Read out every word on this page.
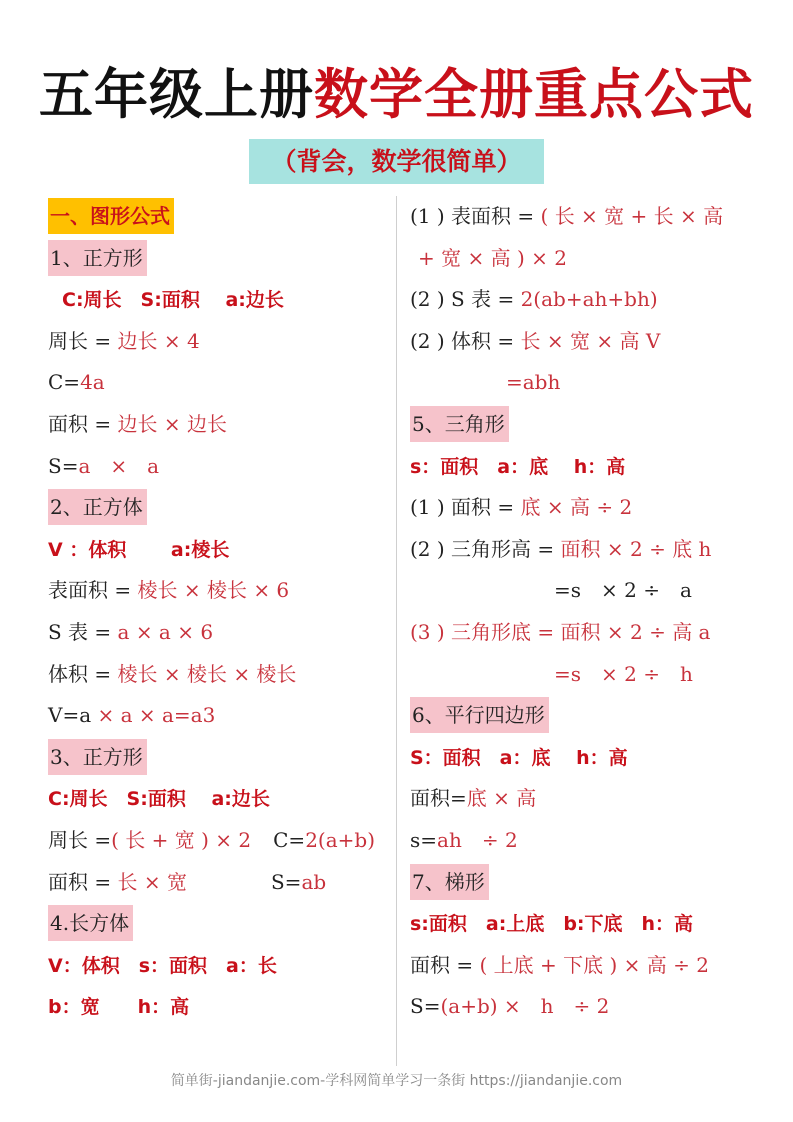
五年级上册数学全册重点公式
（背会，数学很简单）
一、图形公式
1、正方形
C:周长　S:面积　 a:边长
周长 = 边长 × 4
C=4a
面积 = 边长 × 边长
S=a　×　a
2、正方体
V ：体积　　 a:棱长
表面积 = 棱长 × 棱长 × 6
S 表 = a × a × 6
体积 = 棱长 × 棱长 × 棱长
V=a × a × a=a3
3、正方形
C:周长　S:面积　 a:边长
周长 =( 长 + 宽 ) × 2 C=2(a+b)
面积 = 长 × 宽	S=ab
4.长方体
V：体积　s：面积　a：长
b：宽　　h：高
(1 ) 表面积 = ( 长 × 宽 + 长 × 高
+ 宽 × 高 ) × 2
(2 ) S 表 = 2(ab+ah+bh)
(2 ) 体积 = 长 × 宽 × 高 V
=abh
5、三角形
s：面积　a：底　 h：高
(1 ) 面积 = 底 × 高 ÷ 2
(2 ) 三角形高 = 面积 × 2 ÷ 底 h
=s　× 2 ÷　a
(3 ) 三角形底 = 面积 × 2 ÷ 高 a
=s　× 2 ÷　h
6、平行四边形
S：面积　a：底　 h：高
面积=底 × 高
s=ah　÷ 2
7、梯形
s:面积　a:上底　b:下底　h：高
面积 = ( 上底 + 下底 ) × 高 ÷ 2
S=(a+b) ×　h　÷ 2
简单街-jiandanjie.com-学科网简单学习一条街 https://jiandanjie.com
